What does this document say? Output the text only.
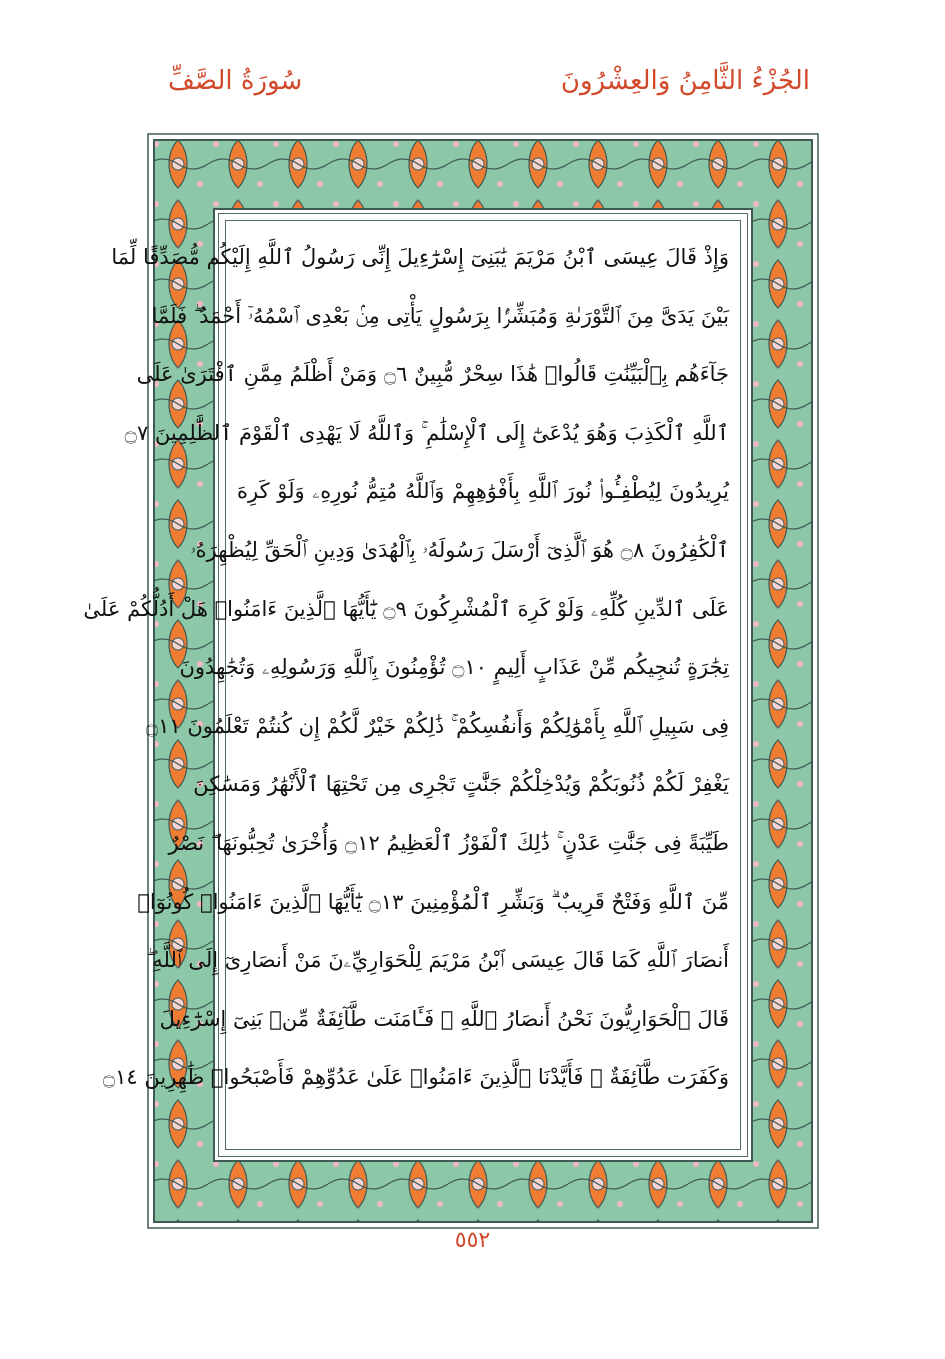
الجُزْءُ الثَّامِنُ وَالعِشْرُونَ
سُورَةُ الصَّفِّ
وَإِذْ قَالَ عِيسَى ٱبْنُ مَرْيَمَ يَٰبَنِىٓ إِسْرَٰٓءِيلَ إِنِّى رَسُولُ ٱللَّهِ إِلَيْكُم مُّصَدِّقًا لِّمَا
بَيْنَ يَدَىَّ مِنَ ٱلتَّوْرَىٰةِ وَمُبَشِّرًۢا بِرَسُولٍ يَأْتِى مِنۢ بَعْدِى ٱسْمُهُۥٓ أَحْمَدُ ۖ فَلَمَّا
جَآءَهُم بِٱلْبَيِّنَٰتِ قَالُوا۟ هَٰذَا سِحْرٌ مُّبِينٌ ۝٦ وَمَنْ أَظْلَمُ مِمَّنِ ٱفْتَرَىٰ عَلَى
ٱللَّهِ ٱلْكَذِبَ وَهُوَ يُدْعَىٰٓ إِلَى ٱلْإِسْلَٰمِ ۚ وَٱللَّهُ لَا يَهْدِى ٱلْقَوْمَ ٱلظَّٰلِمِينَ ۝٧
يُرِيدُونَ لِيُطْفِـُٔوا۟ نُورَ ٱللَّهِ بِأَفْوَٰهِهِمْ وَٱللَّهُ مُتِمُّ نُورِهِۦ وَلَوْ كَرِهَ
ٱلْكَٰفِرُونَ ۝٨ هُوَ ٱلَّذِىٓ أَرْسَلَ رَسُولَهُۥ بِٱلْهُدَىٰ وَدِينِ ٱلْحَقِّ لِيُظْهِرَهُۥ
عَلَى ٱلدِّينِ كُلِّهِۦ وَلَوْ كَرِهَ ٱلْمُشْرِكُونَ ۝٩ يَٰٓأَيُّهَا ٱلَّذِينَ ءَامَنُوا۟ هَلْ أَدُلُّكُمْ عَلَىٰ
تِجَٰرَةٍ تُنجِيكُم مِّنْ عَذَابٍ أَلِيمٍ ۝١٠ تُؤْمِنُونَ بِٱللَّهِ وَرَسُولِهِۦ وَتُجَٰهِدُونَ
فِى سَبِيلِ ٱللَّهِ بِأَمْوَٰلِكُمْ وَأَنفُسِكُمْ ۚ ذَٰلِكُمْ خَيْرٌ لَّكُمْ إِن كُنتُمْ تَعْلَمُونَ ۝١١
يَغْفِرْ لَكُمْ ذُنُوبَكُمْ وَيُدْخِلْكُمْ جَنَّٰتٍ تَجْرِى مِن تَحْتِهَا ٱلْأَنْهَٰرُ وَمَسَٰكِنَ
طَيِّبَةً فِى جَنَّٰتِ عَدْنٍ ۚ ذَٰلِكَ ٱلْفَوْزُ ٱلْعَظِيمُ ۝١٢ وَأُخْرَىٰ تُحِبُّونَهَا ۖ نَصْرٌ
مِّنَ ٱللَّهِ وَفَتْحٌ قَرِيبٌ ۗ وَبَشِّرِ ٱلْمُؤْمِنِينَ ۝١٣ يَٰٓأَيُّهَا ٱلَّذِينَ ءَامَنُوا۟ كُونُوٓا۟
أَنصَارَ ٱللَّهِ كَمَا قَالَ عِيسَى ٱبْنُ مَرْيَمَ لِلْحَوَارِيِّۦنَ مَنْ أَنصَارِىٓ إِلَى ٱللَّهِ ۖ
قَالَ ٱلْحَوَارِيُّونَ نَحْنُ أَنصَارُ ٱللَّهِ ۖ فَـَٔامَنَت طَّآئِفَةٌ مِّنۢ بَنِىٓ إِسْرَٰٓءِيلَ
وَكَفَرَت طَّآئِفَةٌ ۖ فَأَيَّدْنَا ٱلَّذِينَ ءَامَنُوا۟ عَلَىٰ عَدُوِّهِمْ فَأَصْبَحُوا۟ ظَٰهِرِينَ ۝١٤
٥٥٢
